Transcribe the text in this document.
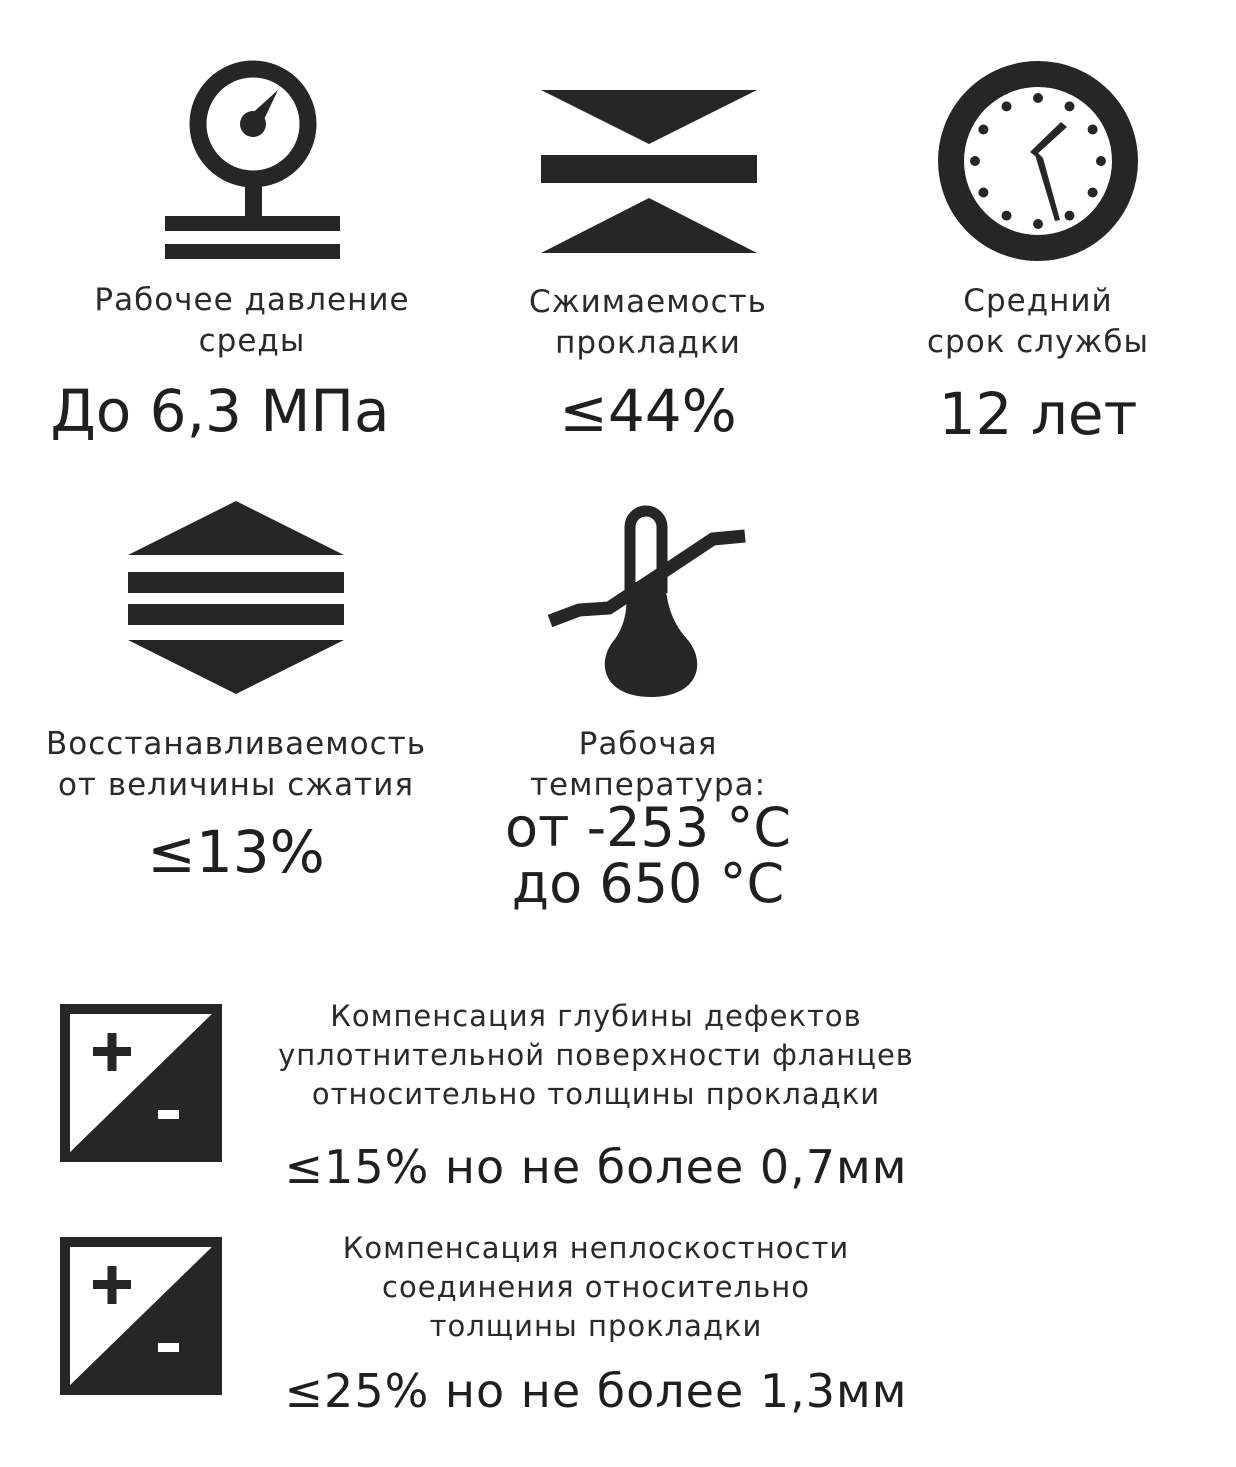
Рабочее давление
среды
До 6,3 МПа
Сжимаемость
прокладки
≤44%
Средний
срок службы
12 лет
Восстанавливаемость
от величины сжатия
≤13%
Рабочая
температура:
от -253 °С
до 650 °С
Компенсация глубины дефектов
уплотнительной поверхности фланцев
относительно толщины прокладки
≤15% но не более 0,7мм
Компенсация неплоскостности
соединения относительно
толщины прокладки
≤25% но не более 1,3мм
